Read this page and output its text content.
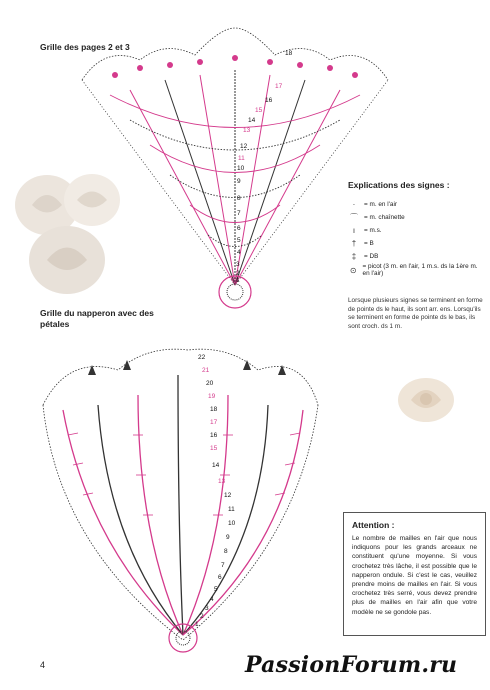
Grille des pages 2 et 3
18
17
16
15
14
13
12
11
10
9
8
7
6
5
4
3
2
1
Explications des signes :
·	= m. en l'air
⌒ = m. chaînette
ı	= m.s.
†	= B
‡	= DB
⊙ = picot (3 m. en l'air, 1 m.s. ds la 1ère m. en l'air)
Lorsque plusieurs signes se terminent en forme de pointe ds le haut, ils sont arr. ens. Lorsqu'ils se terminent en forme de pointe ds le bas, ils sont croch. ds 1 m.
Grille du napperon avec des pétales
22
21
20
19
18
17
16
15
14
13
12
11
10
9
8
7
6
5
4
3
2
1
Attention :
Le nombre de mailles en l'air que nous indiquons pour les grands arceaux ne constituent qu'une moyenne. Si vous crochetez très lâche, il est possible que le napperon ondule. Si c'est le cas, veuillez prendre moins de mailles en l'air. Si vous crochetez très serré, vous devez prendre plus de mailles en l'air afin que votre modèle ne se gondole pas.
4	PassionForum.ru
